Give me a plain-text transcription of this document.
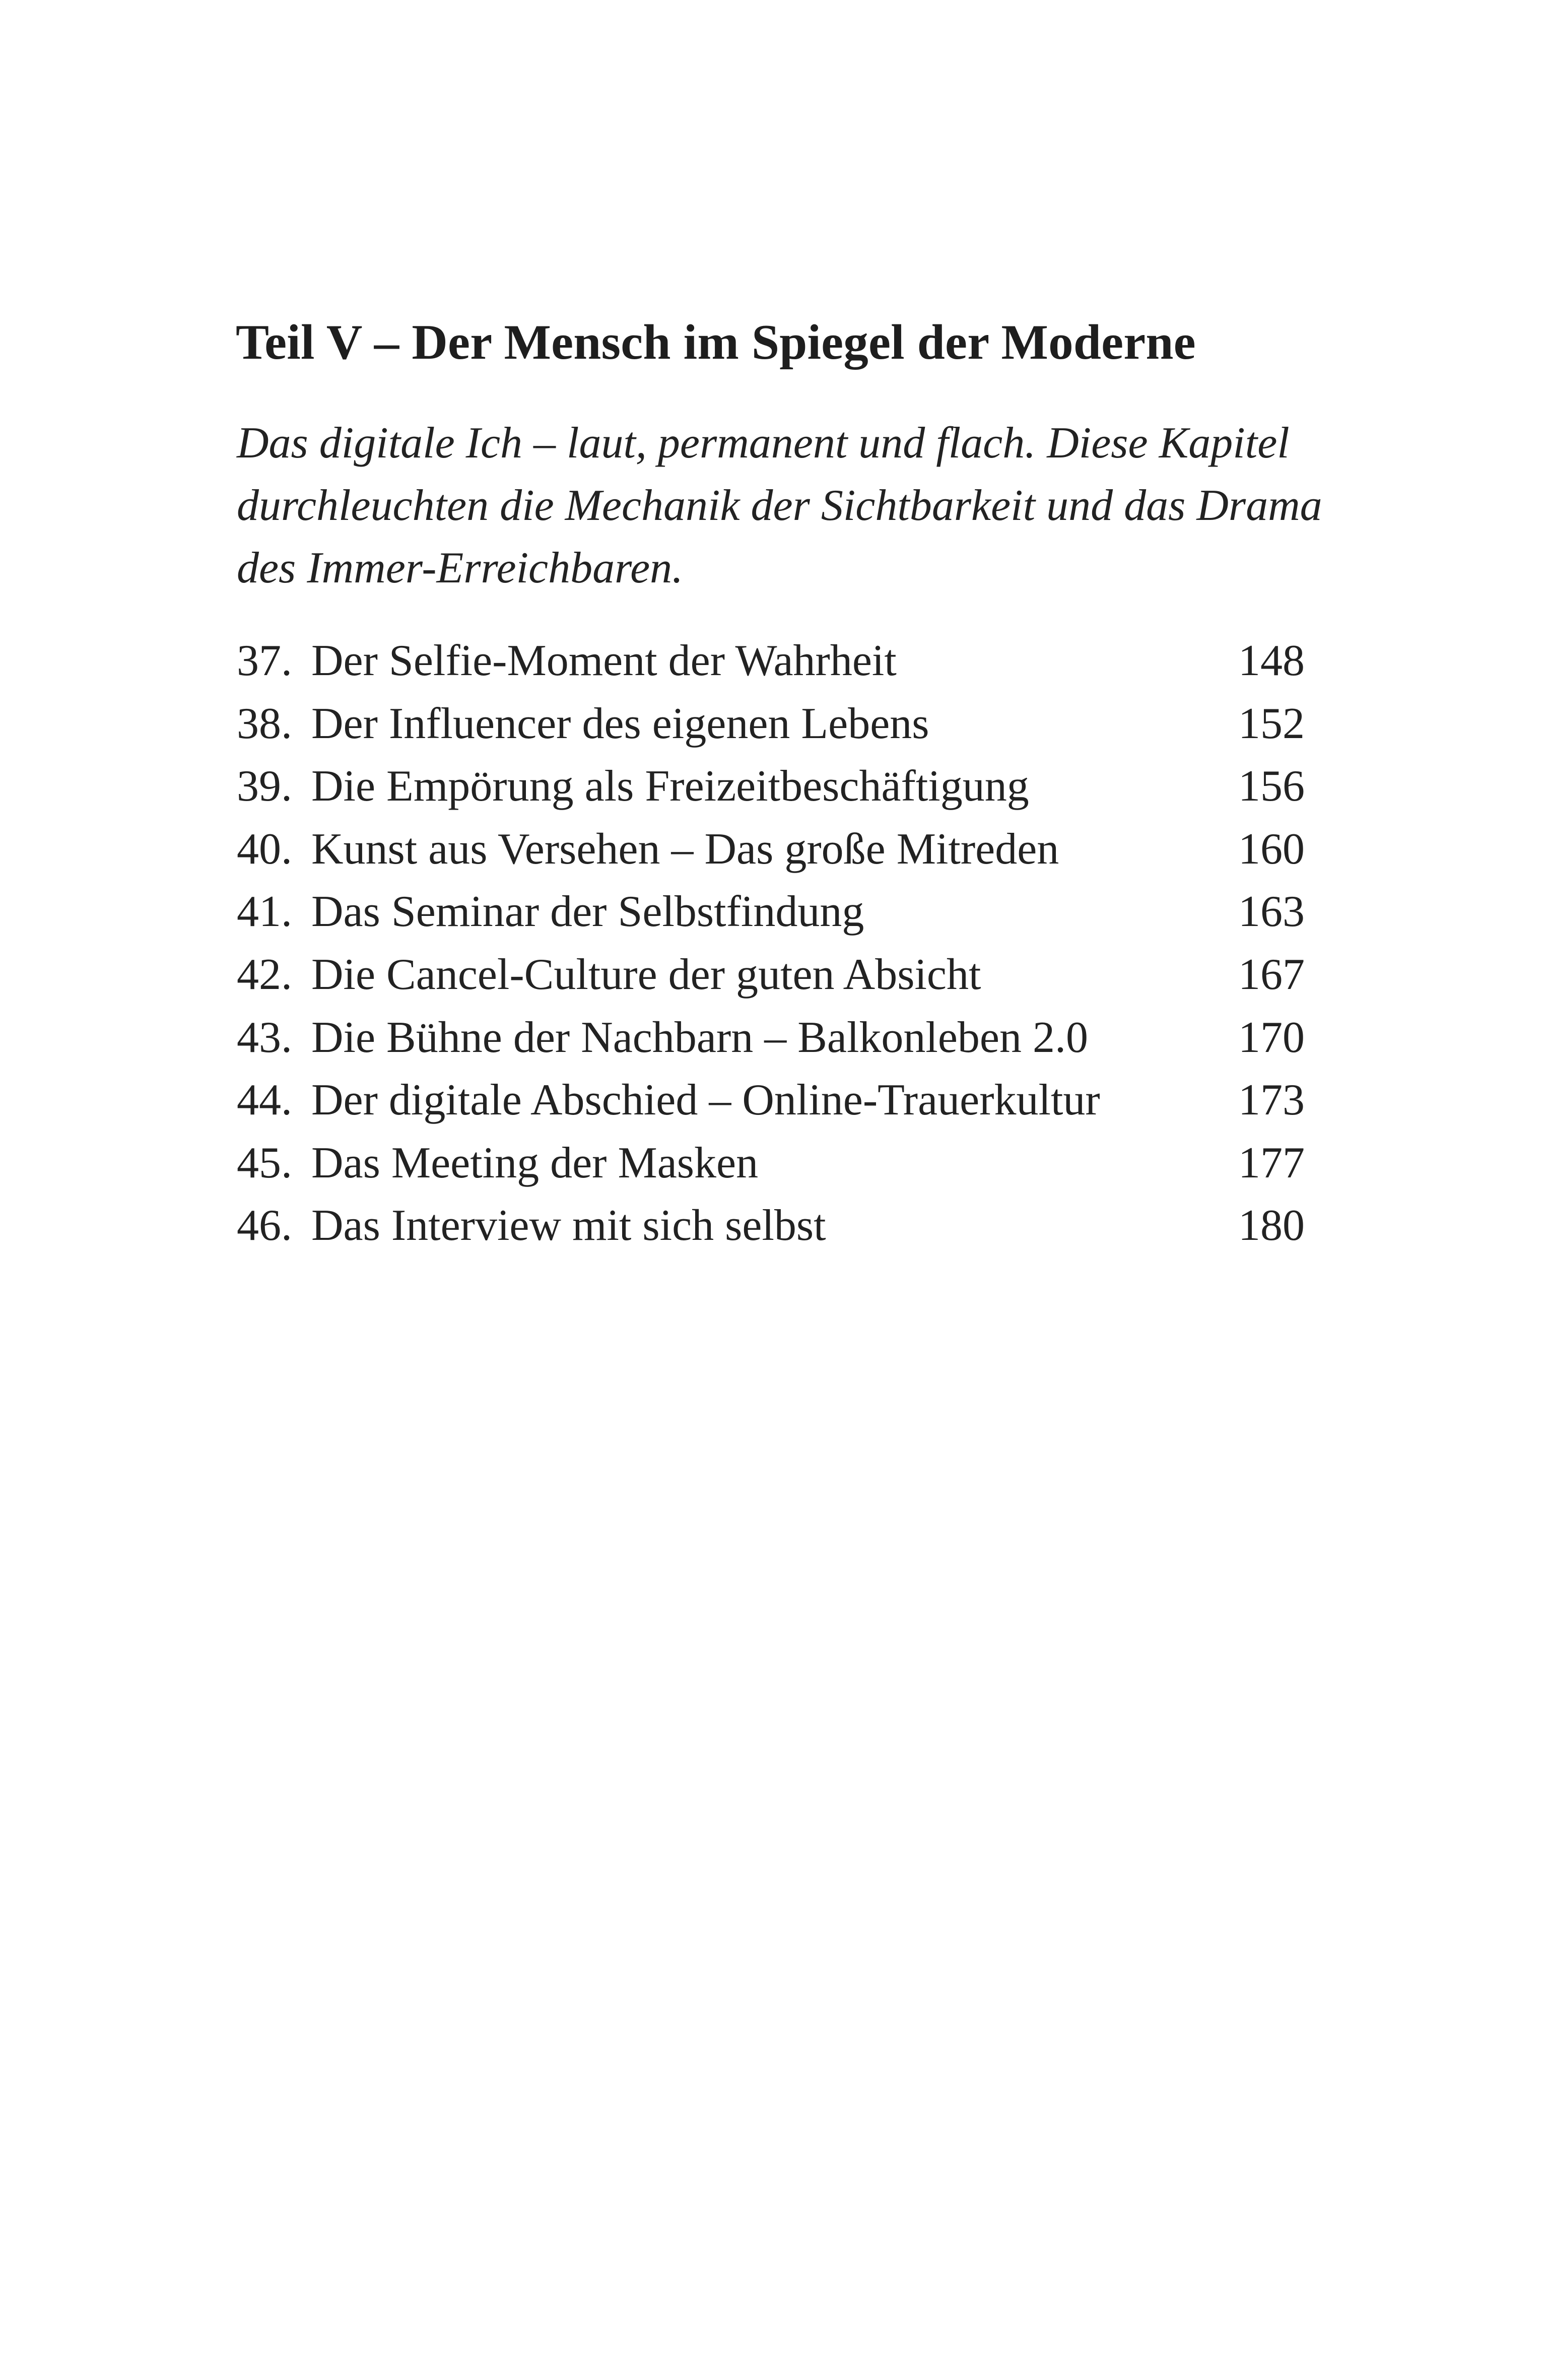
Teil V – Der Mensch im Spiegel der Moderne
Das digitale Ich – laut, permanent und flach. Diese Kapitel
durchleuchten die Mechanik der Sichtbarkeit und das Drama
des Immer-Erreichbaren.
37. Der Selfie-Moment der Wahrheit	148
38. Der Influencer des eigenen Lebens	152
39. Die Empörung als Freizeitbeschäftigung	156
40. Kunst aus Versehen – Das große Mitreden	160
41. Das Seminar der Selbstfindung	163
42. Die Cancel-Culture der guten Absicht	167
43. Die Bühne der Nachbarn – Balkonleben 2.0	170
44. Der digitale Abschied – Online-Trauerkultur	173
45. Das Meeting der Masken	177
46. Das Interview mit sich selbst	180
